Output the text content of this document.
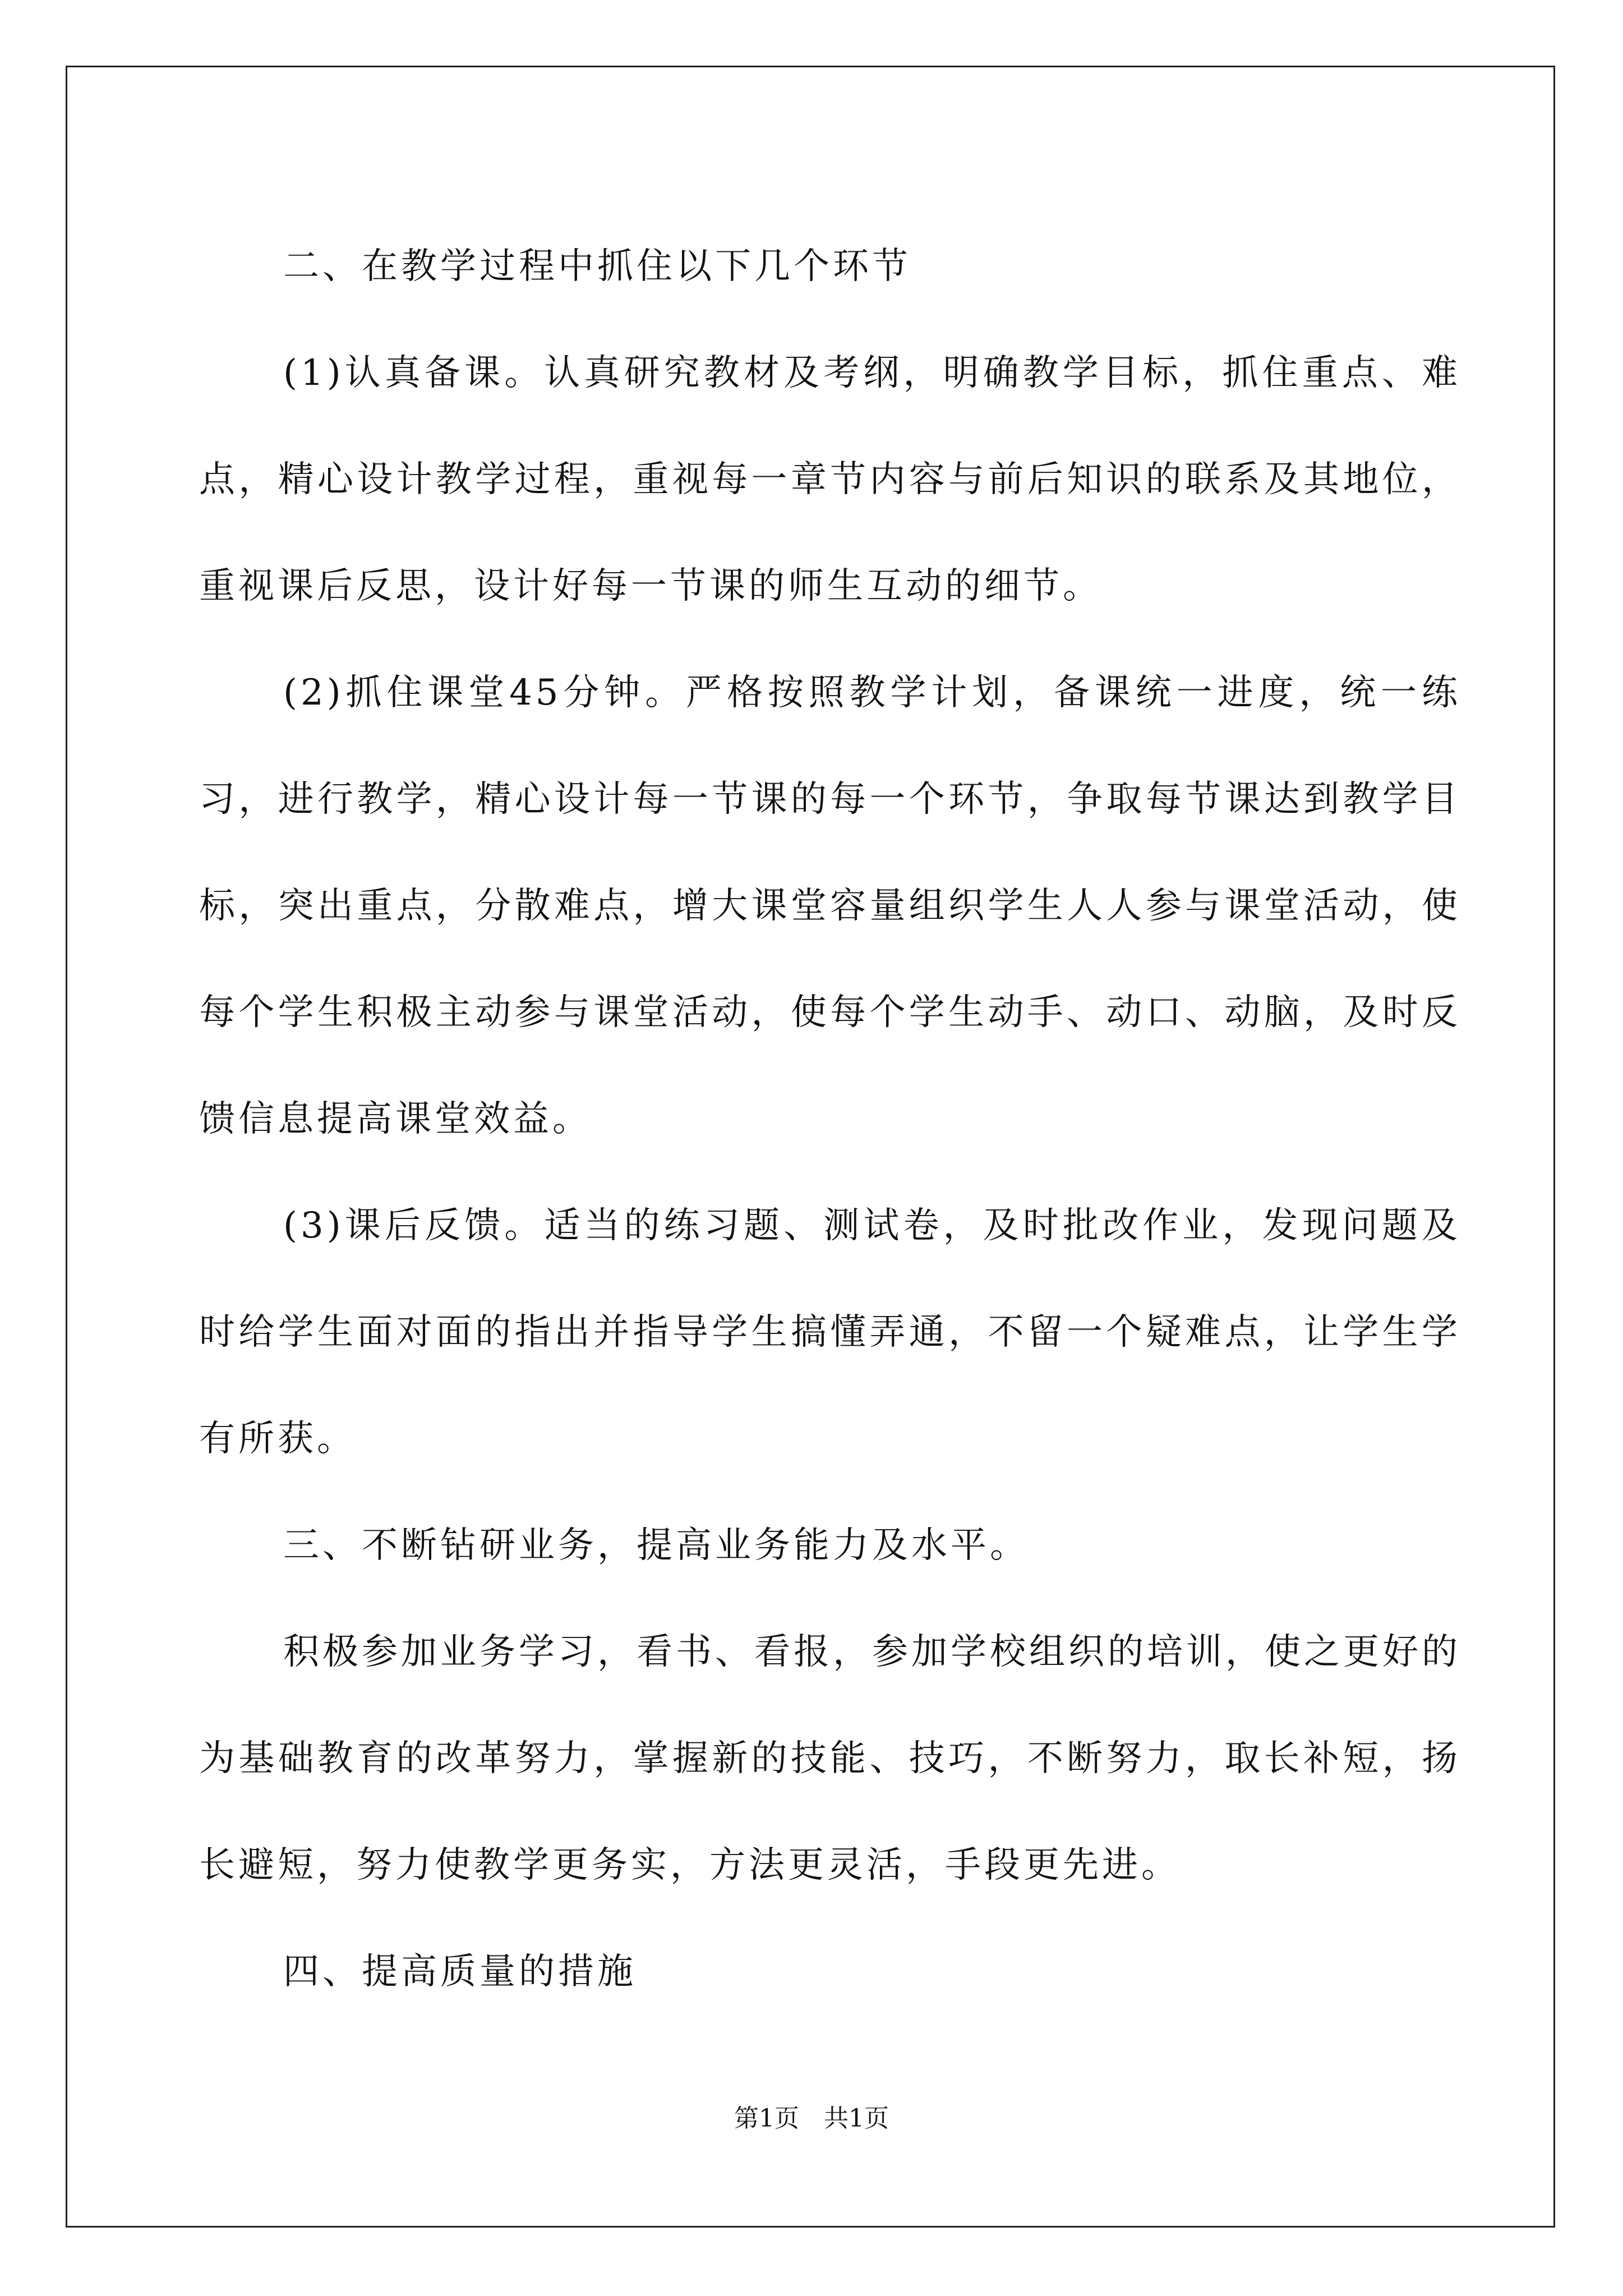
二、在教学过程中抓住以下几个环节

(1)认真备课。认真研究教材及考纲，明确教学目标，抓住重点、难点，精心设计教学过程，重视每一章节内容与前后知识的联系及其地位，重视课后反思，设计好每一节课的师生互动的细节。

(2)抓住课堂45分钟。严格按照教学计划，备课统一进度，统一练习，进行教学，精心设计每一节课的每一个环节，争取每节课达到教学目标，突出重点，分散难点，增大课堂容量组织学生人人参与课堂活动，使每个学生积极主动参与课堂活动，使每个学生动手、动口、动脑，及时反馈信息提高课堂效益。

(3)课后反馈。适当的练习题、测试卷，及时批改作业，发现问题及时给学生面对面的指出并指导学生搞懂弄通，不留一个疑难点，让学生学有所获。

三、不断钻研业务，提高业务能力及水平。

积极参加业务学习，看书、看报，参加学校组织的培训，使之更好的为基础教育的改革努力，掌握新的技能、技巧，不断努力，取长补短，扬长避短，努力使教学更务实，方法更灵活，手段更先进。

四、提高质量的措施

第1页　共1页
